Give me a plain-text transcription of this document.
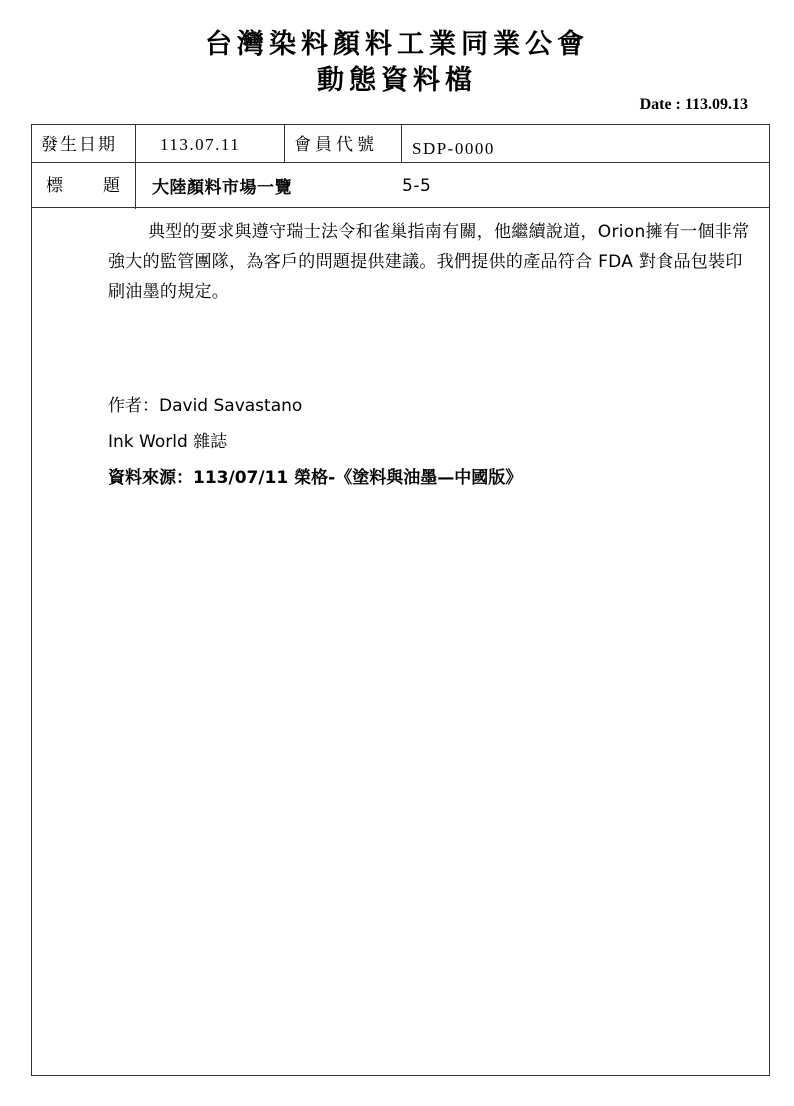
台灣染料顏料工業同業公會
動態資料檔
Date : 113.09.13
發生日期	113.07.11	會員代號 SDP-0000
標　　題 大陸顏料市場一覽	5-5

典型的要求與遵守瑞士法令和雀巢指南有關，他繼續說道，Orion擁有一個非常強大的監管團隊，為客戶的問題提供建議。我們提供的產品符合 FDA 對食品包裝印刷油墨的規定。

作者：David Savastano
Ink World 雜誌
資料來源：113/07/11 榮格-《塗料與油墨—中國版》
